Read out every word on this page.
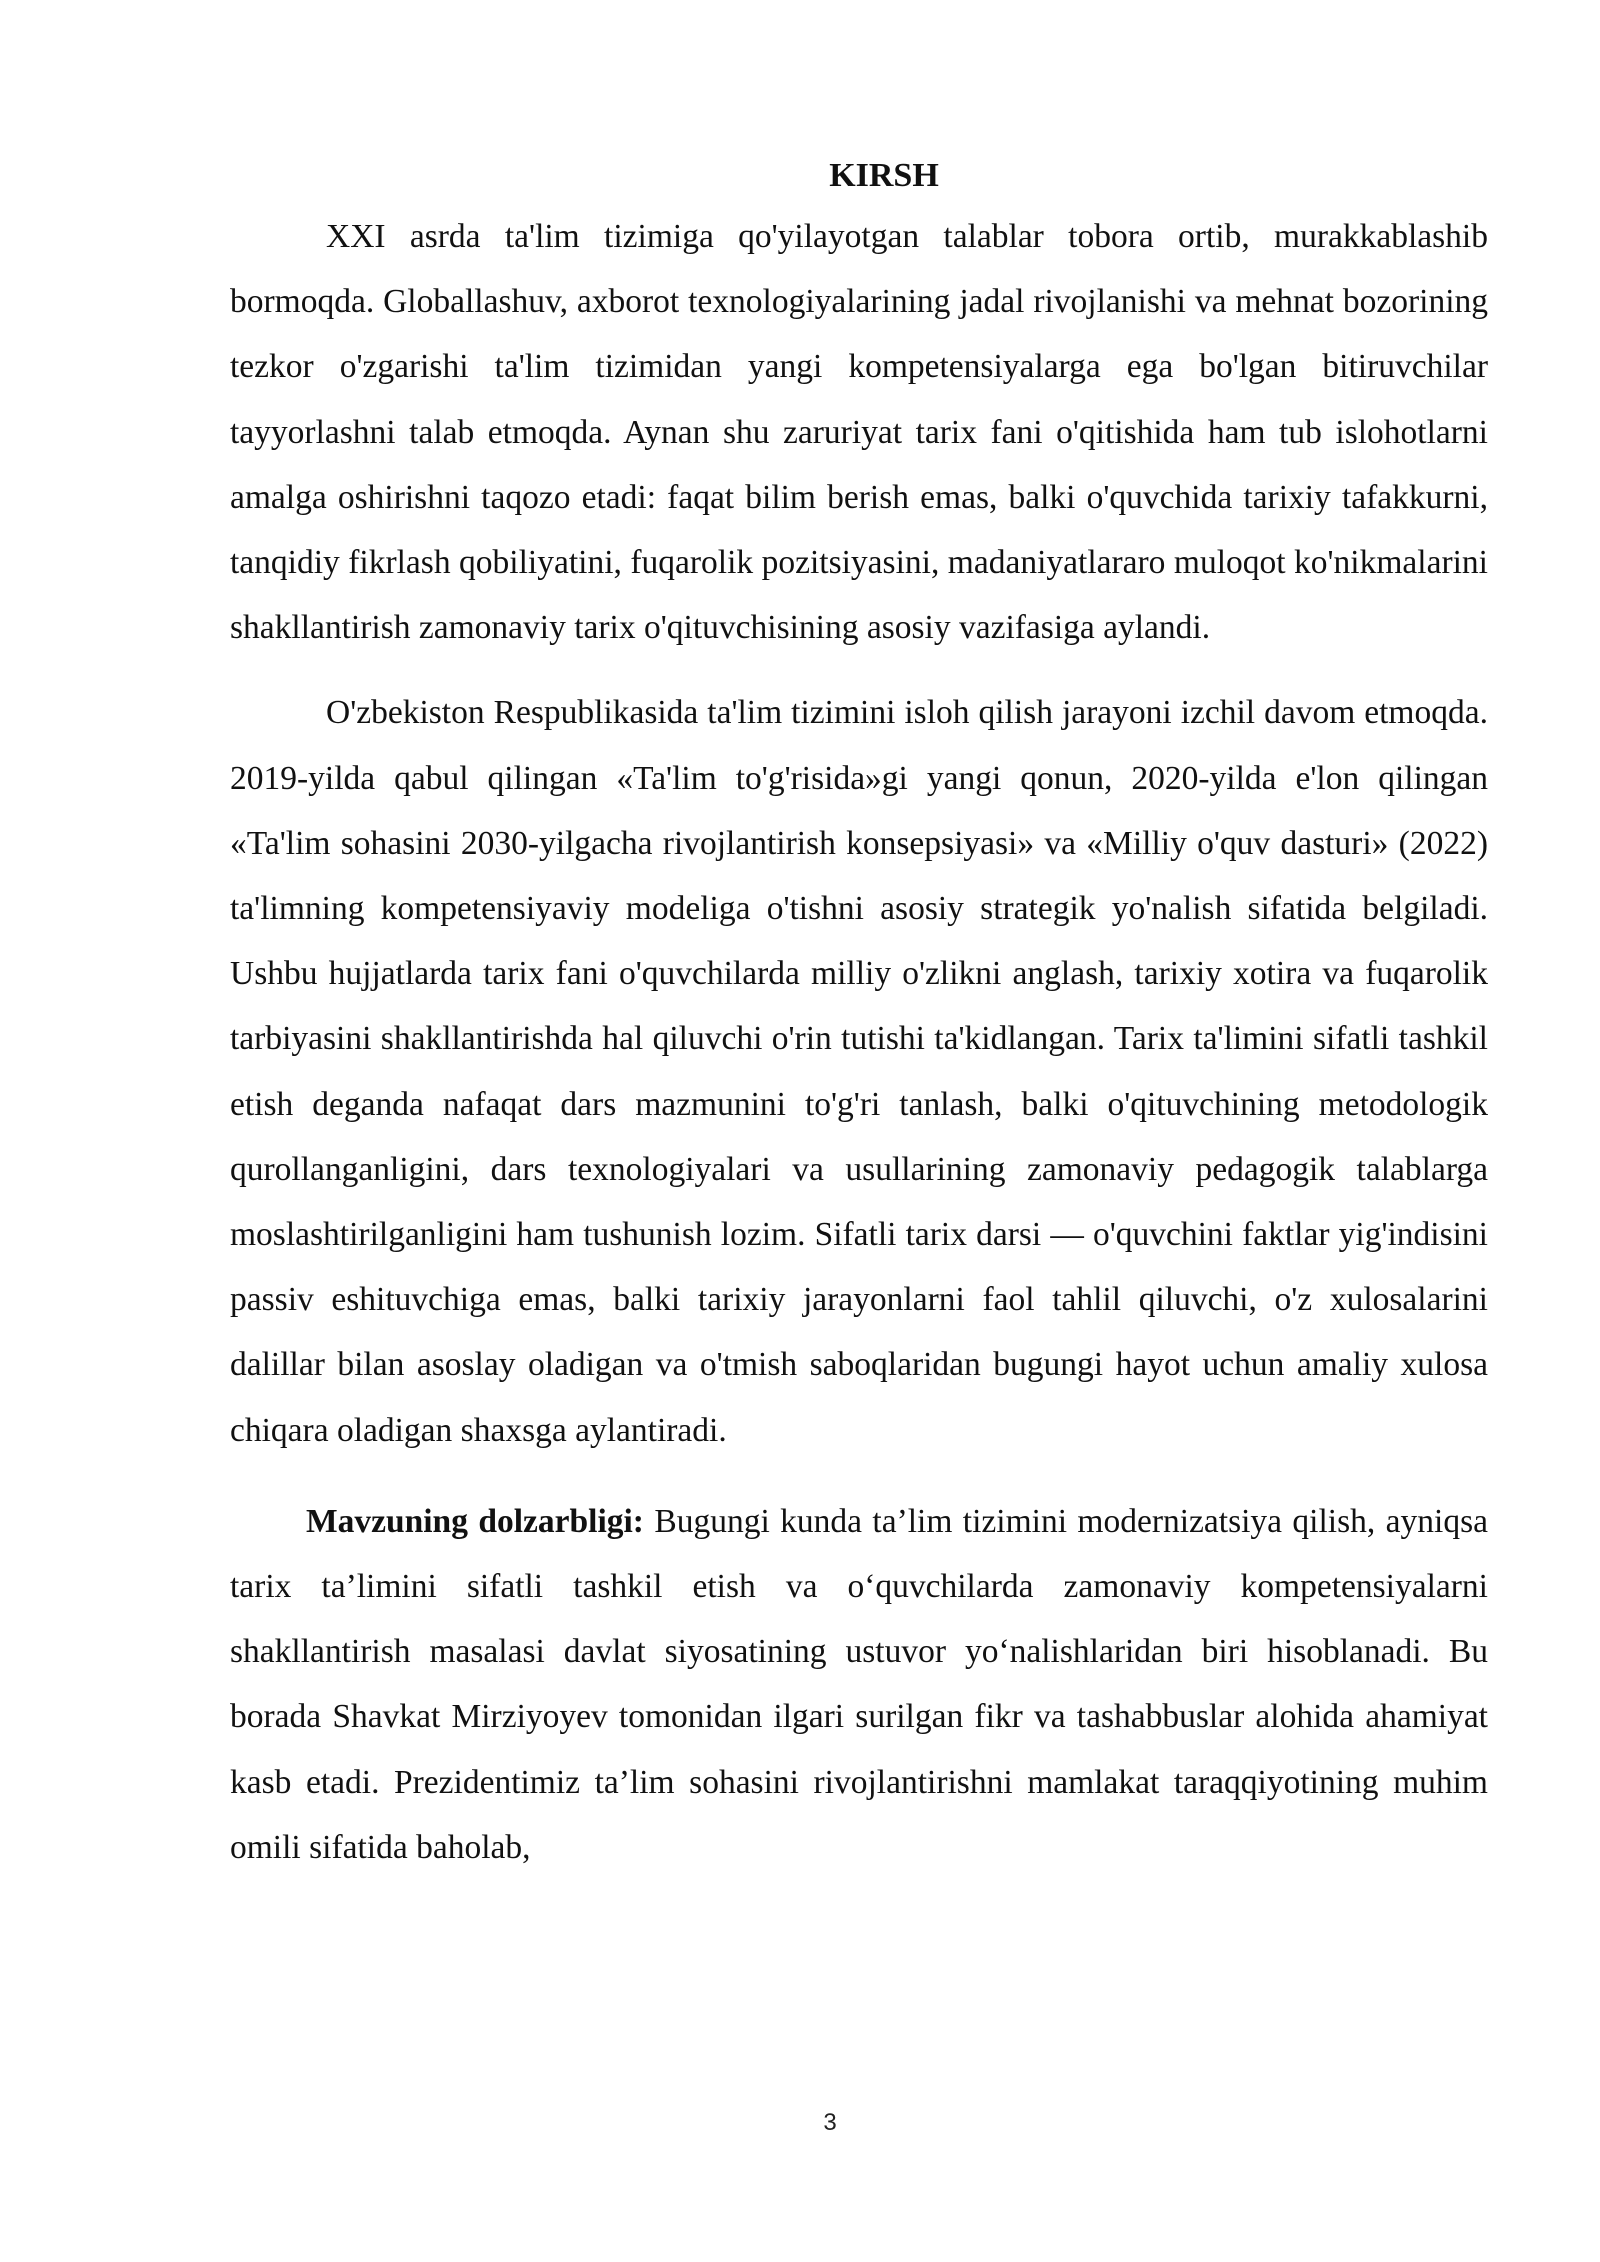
KIRSH

XXI asrda ta'lim tizimiga qo'yilayotgan talablar tobora ortib, murakkablashib bormoqda. Globallashuv, axborot texnologiyalarining jadal rivojlanishi va mehnat bozorining tezkor o'zgarishi ta'lim tizimidan yangi kompetensiyalarga ega bo'lgan bitiruvchilar tayyorlashni talab etmoqda. Aynan shu zaruriyat tarix fani o'qitishida ham tub islohotlarni amalga oshirishni taqozo etadi: faqat bilim berish emas, balki o'quvchida tarixiy tafakkurni, tanqidiy fikrlash qobiliyatini, fuqarolik pozitsiyasini, madaniyatlararo muloqot ko'nikmalarini shakllantirish zamonaviy tarix o'qituvchisining asosiy vazifasiga aylandi.

O'zbekiston Respublikasida ta'lim tizimini isloh qilish jarayoni izchil davom etmoqda. 2019-yilda qabul qilingan «Ta'lim to'g'risida»gi yangi qonun, 2020-yilda e'lon qilingan «Ta'lim sohasini 2030-yilgacha rivojlantirish konsepsiyasi» va «Milliy o'quv dasturi» (2022) ta'limning kompetensiyaviy modeliga o'tishni asosiy strategik yo'nalish sifatida belgiladi. Ushbu hujjatlarda tarix fani o'quvchilarda milliy o'zlikni anglash, tarixiy xotira va fuqarolik tarbiyasini shakllantirishda hal qiluvchi o'rin tutishi ta'kidlangan. Tarix ta'limini sifatli tashkil etish deganda nafaqat dars mazmunini to'g'ri tanlash, balki o'qituvchining metodologik qurollanganligini, dars texnologiyalari va usullarining zamonaviy pedagogik talablarga moslashtirilganligini ham tushunish lozim. Sifatli tarix darsi — o'quvchini faktlar yig'indisini passiv eshituvchiga emas, balki tarixiy jarayonlarni faol tahlil qiluvchi, o'z xulosalarini dalillar bilan asoslay oladigan va o'tmish saboqlaridan bugungi hayot uchun amaliy xulosa chiqara oladigan shaxsga aylantiradi.

Mavzuning dolzarbligi: Bugungi kunda ta’lim tizimini modernizatsiya qilish, ayniqsa tarix ta’limini sifatli tashkil etish va o‘quvchilarda zamonaviy kompetensiyalarni shakllantirish masalasi davlat siyosatining ustuvor yo‘nalishlaridan biri hisoblanadi. Bu borada Shavkat Mirziyoyev tomonidan ilgari surilgan fikr va tashabbuslar alohida ahamiyat kasb etadi. Prezidentimiz ta’lim sohasini rivojlantirishni mamlakat taraqqiyotining muhim omili sifatida baholab,

3
